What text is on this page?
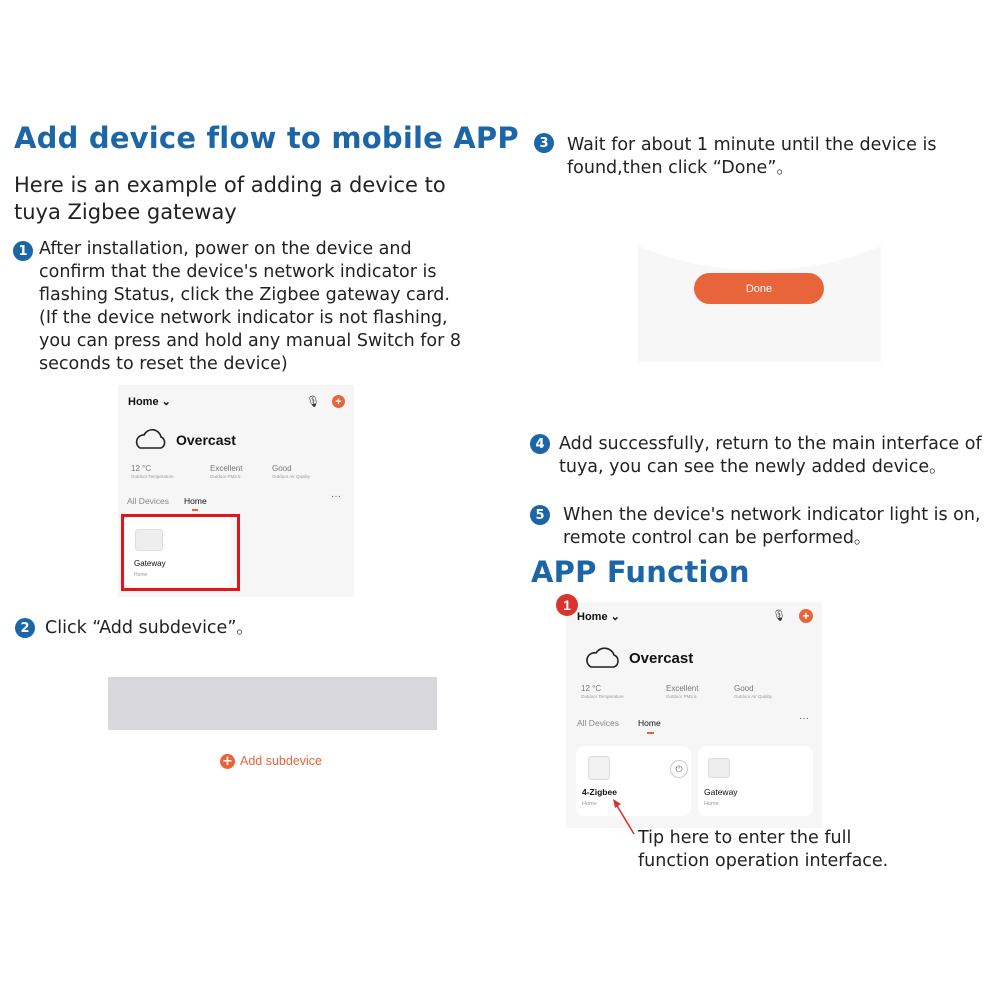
Add device flow to mobile APP
Here is an example of adding a device to tuya Zigbee gateway
1 After installation, power on the device and confirm that the device's network indicator is flashing Status, click the Zigbee gateway card. (If the device network indicator is not flashing, you can press and hold any manual Switch for 8 seconds to reset the device)
Home ⌄	🎙 +
Overcast
12 °C
Outdoor Temperature
Excellent
Outdoor PM2.5
Good
Outdoor Air Quality
All Devices Home	···
Gateway
Home
2 Click “Add subdevice”。
+ Add subdevice
3	Wait for about 1 minute until the device is
found,then click “Done”。
Done
4 Add successfully, return to the main interface of
tuya, you can see the newly added device。
5	When the device's network indicator light is on,
remote control can be performed。
APP Function
Home ⌄	🎙 +
Overcast
12 °C
Outdoor Temperature
Excellent
Outdoor PM2.5
Good
Outdoor Air Quality
All Devices Home	···
⏻
4-Zigbee
Home
Gateway
Home
1
Tip here to enter the full
function operation interface.
